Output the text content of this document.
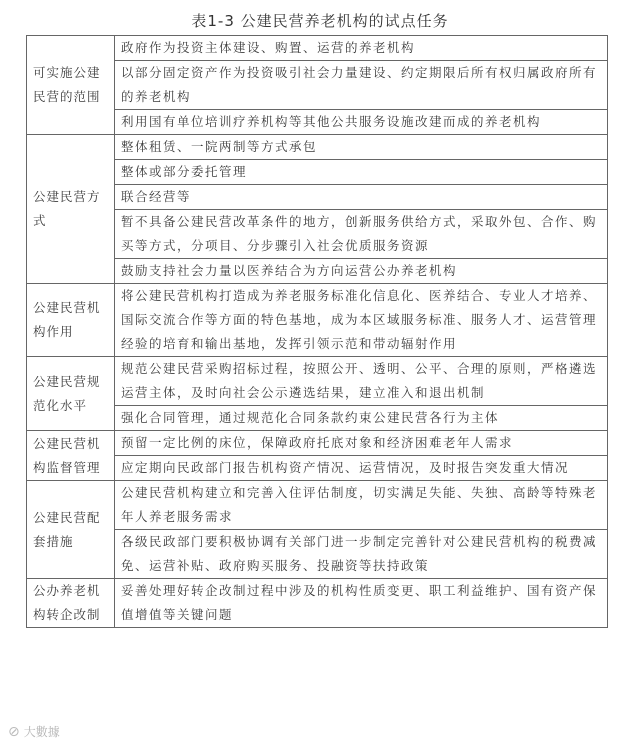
表1-3 公建民营养老机构的试点任务
可实施公建民营的范围	政府作为投资主体建设、购置、运营的养老机构
	以部分固定资产作为投资吸引社会力量建设、约定期限后所有权归属政府所有的养老机构
	利用国有单位培训疗养机构等其他公共服务设施改建而成的养老机构
公建民营方式	整体租赁、一院两制等方式承包
	整体或部分委托管理
	联合经营等
	暂不具备公建民营改革条件的地方，创新服务供给方式，采取外包、合作、购买等方式，分项目、分步骤引入社会优质服务资源
	鼓励支持社会力量以医养结合为方向运营公办养老机构
公建民营机构作用	将公建民营机构打造成为养老服务标准化信息化、医养结合、专业人才培养、国际交流合作等方面的特色基地，成为本区域服务标准、服务人才、运营管理经验的培育和输出基地，发挥引领示范和带动辐射作用
公建民营规范化水平	规范公建民营采购招标过程，按照公开、透明、公平、合理的原则，严格遴选运营主体，及时向社会公示遴选结果，建立准入和退出机制
	强化合同管理，通过规范化合同条款约束公建民营各行为主体
公建民营机构监督管理	预留一定比例的床位，保障政府托底对象和经济困难老年人需求
	应定期向民政部门报告机构资产情况、运营情况，及时报告突发重大情况
公建民营配套措施	公建民营机构建立和完善入住评估制度，切实满足失能、失独、高龄等特殊老年人养老服务需求
	各级民政部门要积极协调有关部门进一步制定完善针对公建民营机构的税费减免、运营补贴、政府购买服务、投融资等扶持政策
公办养老机构转企改制	妥善处理好转企改制过程中涉及的机构性质变更、职工利益维护、国有资产保值增值等关键问题
⊘ 大數據
